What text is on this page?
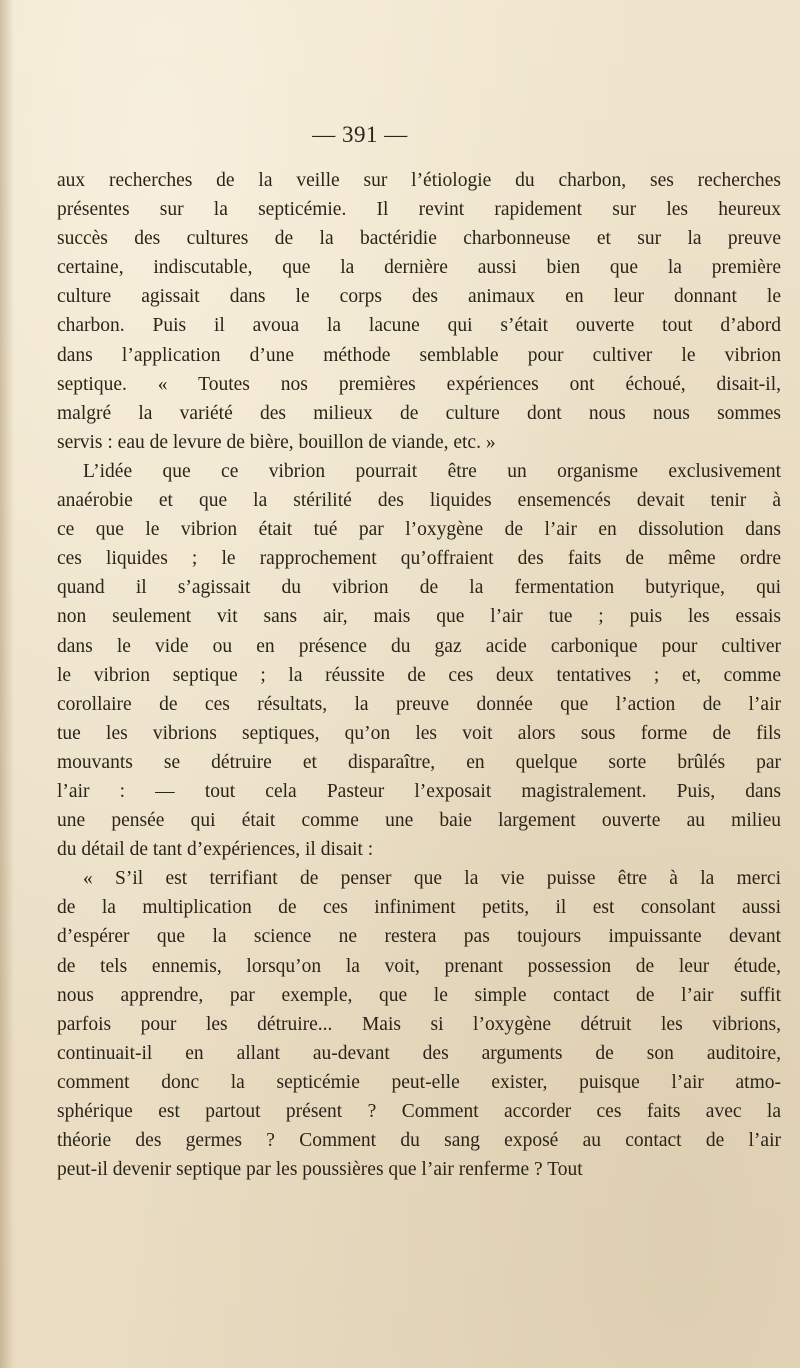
— 391 —
aux recherches de la veille sur l’étiologie du charbon, ses recherches
présentes sur la septicémie. Il revint rapidement sur les heureux
succès des cultures de la bactéridie charbonneuse et sur la preuve
certaine, indiscutable, que la dernière aussi bien que la première
culture agissait dans le corps des animaux en leur donnant le
charbon. Puis il avoua la lacune qui s’était ouverte tout d’abord
dans l’application d’une méthode semblable pour cultiver le vibrion
septique. « Toutes nos premières expériences ont échoué, disait-il,
malgré la variété des milieux de culture dont nous nous sommes
servis : eau de levure de bière, bouillon de viande, etc. »
L’idée que ce vibrion pourrait être un organisme exclusivement
anaérobie et que la stérilité des liquides ensemencés devait tenir à
ce que le vibrion était tué par l’oxygène de l’air en dissolution dans
ces liquides ; le rapprochement qu’offraient des faits de même ordre
quand il s’agissait du vibrion de la fermentation butyrique, qui
non seulement vit sans air, mais que l’air tue ; puis les essais
dans le vide ou en présence du gaz acide carbonique pour cultiver
le vibrion septique ; la réussite de ces deux tentatives ; et, comme
corollaire de ces résultats, la preuve donnée que l’action de l’air
tue les vibrions septiques, qu’on les voit alors sous forme de fils
mouvants se détruire et disparaître, en quelque sorte brûlés par
l’air : — tout cela Pasteur l’exposait magistralement. Puis, dans
une pensée qui était comme une baie largement ouverte au milieu
du détail de tant d’expériences, il disait :
« S’il est terrifiant de penser que la vie puisse être à la merci
de la multiplication de ces infiniment petits, il est consolant aussi
d’espérer que la science ne restera pas toujours impuissante devant
de tels ennemis, lorsqu’on la voit, prenant possession de leur étude,
nous apprendre, par exemple, que le simple contact de l’air suffit
parfois pour les détruire... Mais si l’oxygène détruit les vibrions,
continuait-il en allant au-devant des arguments de son auditoire,
comment donc la septicémie peut-elle exister, puisque l’air atmo-
sphérique est partout présent ? Comment accorder ces faits avec la
théorie des germes ? Comment du sang exposé au contact de l’air
peut-il devenir septique par les poussières que l’air renferme ? Tout
